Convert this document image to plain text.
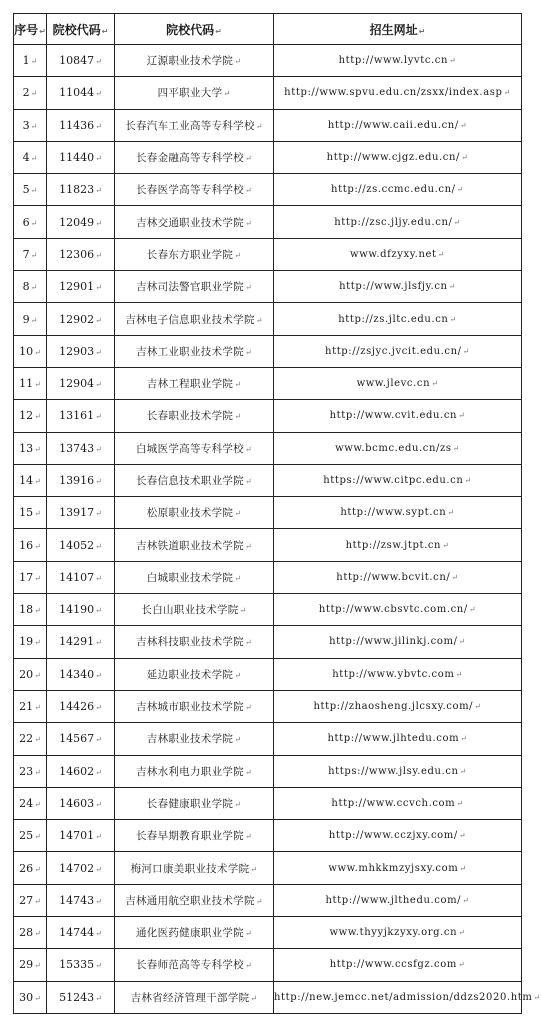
序号↵	院校代码↵	院校代码↵	招生网址↵
1↵	10847↵	辽源职业技术学院↵	http://www.lyvtc.cn↵
2↵	11044↵	四平职业大学↵	http://www.spvu.edu.cn/zsxx/index.asp↵
3↵	11436↵	长春汽车工业高等专科学校↵	http://www.caii.edu.cn/↵
4↵	11440↵	长春金融高等专科学校↵	http://www.cjgz.edu.cn/↵
5↵	11823↵	长春医学高等专科学校↵	http://zs.ccmc.edu.cn/↵
6↵	12049↵	吉林交通职业技术学院↵	http://zsc.jljy.edu.cn/↵
7↵	12306↵	长春东方职业学院↵	www.dfzyxy.net↵
8↵	12901↵	吉林司法警官职业学院↵	http://www.jlsfjy.cn↵
9↵	12902↵	吉林电子信息职业技术学院↵	http://zs.jltc.edu.cn↵
10↵	12903↵	吉林工业职业技术学院↵	http://zsjyc.jvcit.edu.cn/↵
11↵	12904↵	吉林工程职业学院↵	www.jlevc.cn↵
12↵	13161↵	长春职业技术学院↵	http://www.cvit.edu.cn↵
13↵	13743↵	白城医学高等专科学校↵	www.bcmc.edu.cn/zs↵
14↵	13916↵	长春信息技术职业学院↵	https://www.citpc.edu.cn↵
15↵	13917↵	松原职业技术学院↵	http://www.sypt.cn↵
16↵	14052↵	吉林铁道职业技术学院↵	http://zsw.jtpt.cn↵
17↵	14107↵	白城职业技术学院↵	http://www.bcvit.cn/↵
18↵	14190↵	长白山职业技术学院↵	http://www.cbsvtc.com.cn/↵
19↵	14291↵	吉林科技职业技术学院↵	http://www.jilinkj.com/↵
20↵	14340↵	延边职业技术学院↵	http://www.ybvtc.com↵
21↵	14426↵	吉林城市职业技术学院↵	http://zhaosheng.jlcsxy.com/↵
22↵	14567↵	吉林职业技术学院↵	http://www.jlhtedu.com↵
23↵	14602↵	吉林水利电力职业学院↵	https://www.jlsy.edu.cn↵
24↵	14603↵	长春健康职业学院↵	http://www.ccvch.com↵
25↵	14701↵	长春早期教育职业学院↵	http://www.cczjxy.com/↵
26↵	14702↵	梅河口康美职业技术学院↵	www.mhkkmzyjsxy.com↵
27↵	14743↵	吉林通用航空职业技术学院↵	http://www.jlthedu.com/↵
28↵	14744↵	通化医药健康职业学院↵	www.thyyjkzyxy.org.cn↵
29↵	15335↵	长春师范高等专科学校↵	http://www.ccsfgz.com↵
30↵	51243↵	吉林省经济管理干部学院↵	http://new.jemcc.net/admission/ddzs2020.htm↵
